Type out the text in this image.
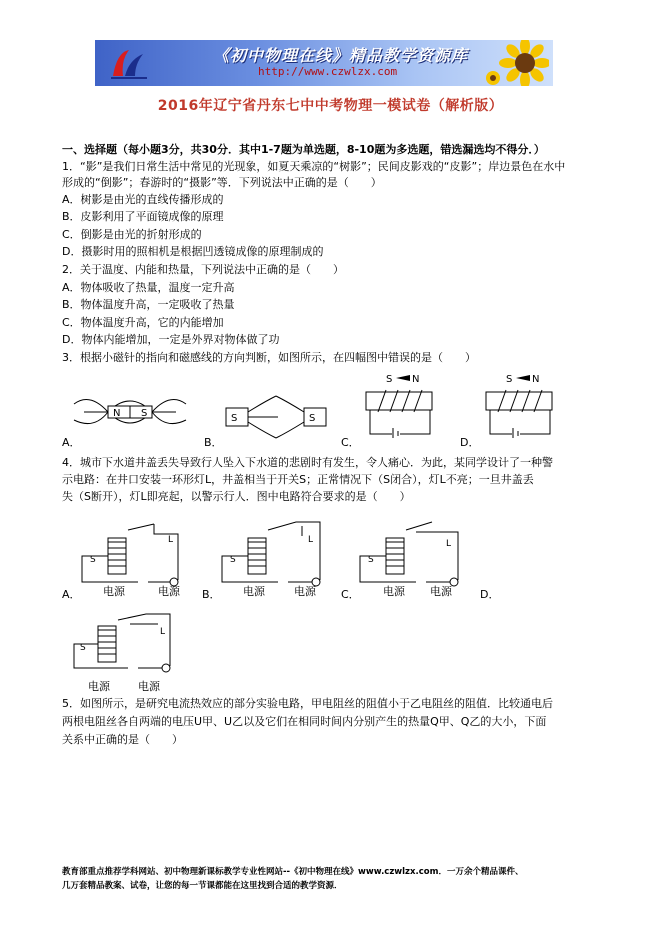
《初中物理在线》精品教学资源库
http://www.czwlzx.com
2016年辽宁省丹东七中中考物理一模试卷（解析版）
一、选择题（每小题3分，共30分．其中1-7题为单选题，8-10题为多选题，错选漏选均不得分．）
1．“影”是我们日常生活中常见的光现象，如夏天乘凉的“树影”；民间皮影戏的“皮影”；岸边景色在水中
形成的“倒影”；春游时的“摄影”等．下列说法中正确的是（　　）
A．树影是由光的直线传播形成的
B．皮影利用了平面镜成像的原理
C．倒影是由光的折射形成的
D．摄影时用的照相机是根据凹透镜成像的原理制成的
2．关于温度、内能和热量，下列说法中正确的是（　　）
A．物体吸收了热量，温度一定升高
B．物体温度升高，一定吸收了热量
C．物体温度升高，它的内能增加
D．物体内能增加，一定是外界对物体做了功
3．根据小磁针的指向和磁感线的方向判断，如图所示，在四幅图中错误的是（　　）
N S
A．
S	S
B．
S N
C．
S N
D．
4．城市下水道井盖丢失导致行人坠入下水道的悲剧时有发生，令人痛心．为此，某同学设计了一种警
示电路：在井口安装一环形灯L，井盖相当于开关S；正常情况下（S闭合），灯L不亮；一旦井盖丢
失（S断开），灯L即亮起，以警示行人．图中电路符合要求的是（　　）
S
L
A． 电源	电源
S
L
B． 电源	电源
S
L
C． 电源 电源	D．
S
L
电源	电源
5．如图所示，是研究电流热效应的部分实验电路，甲电阻丝的阻值小于乙电阻丝的阻值．比较通电后
两根电阻丝各自两端的电压U甲、U乙以及它们在相同时间内分别产生的热量Q甲、Q乙的大小，下面
关系中正确的是（　　）
教育部重点推荐学科网站、初中物理新课标教学专业性网站--《初中物理在线》www.czwlzx.com．一万余个精品课件、
几万套精品教案、试卷，让您的每一节课都能在这里找到合适的教学资源．
